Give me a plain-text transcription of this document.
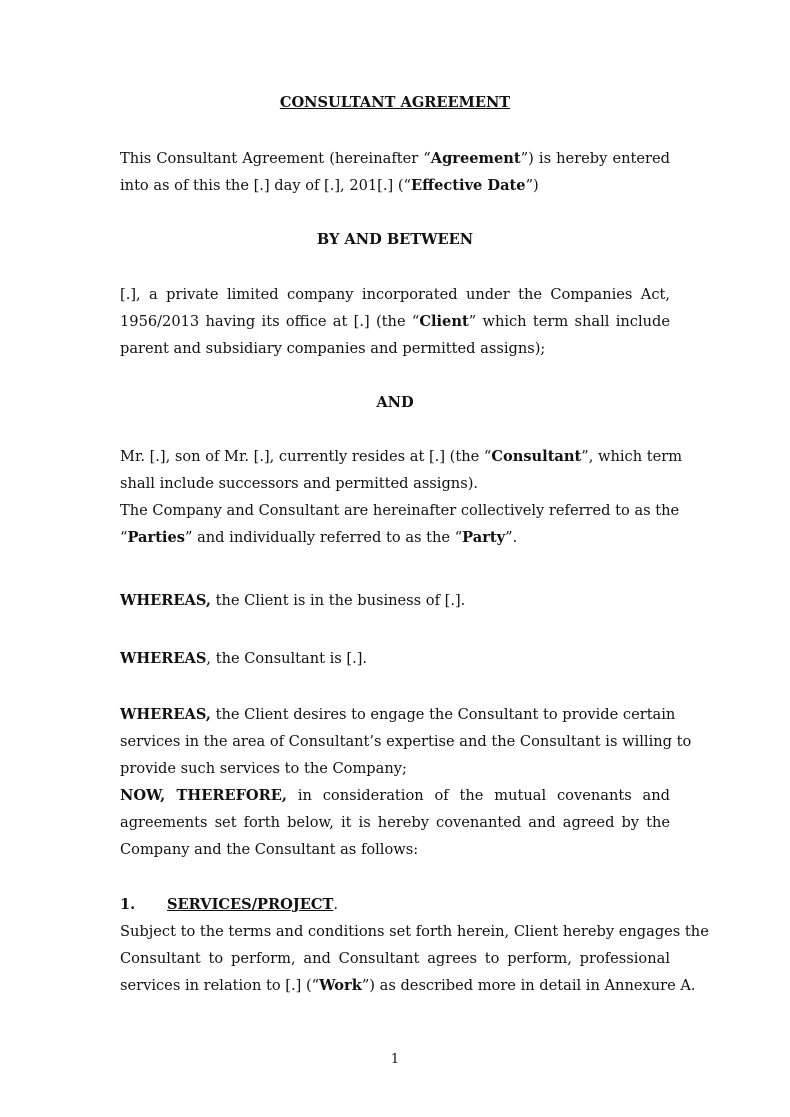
CONSULTANT AGREEMENT
This Consultant Agreement (hereinafter “Agreement”) is hereby entered
into as of this the [.] day of [.], 201[.] (“Effective Date”)
BY AND BETWEEN
[.], a private limited company incorporated under the Companies Act,
1956/2013 having its office at [.] (the “Client” which term shall include
parent and subsidiary companies and permitted assigns);
AND
Mr. [.], son of Mr. [.], currently resides at [.] (the “Consultant”, which term
shall include successors and permitted assigns).
The Company and Consultant are hereinafter collectively referred to as the
“Parties” and individually referred to as the “Party”.
WHEREAS, the Client is in the business of [.].
WHEREAS, the Consultant is [.].
WHEREAS, the Client desires to engage the Consultant to provide certain
services in the area of Consultant’s expertise and the Consultant is willing to
provide such services to the Company;
NOW, THEREFORE, in consideration of the mutual covenants and
agreements set forth below, it is hereby covenanted and agreed by the
Company and the Consultant as follows:
1. SERVICES/PROJECT.
Subject to the terms and conditions set forth herein, Client hereby engages the
Consultant to perform, and Consultant agrees to perform, professional
services in relation to [.] (“Work”) as described more in detail in Annexure A.
1
